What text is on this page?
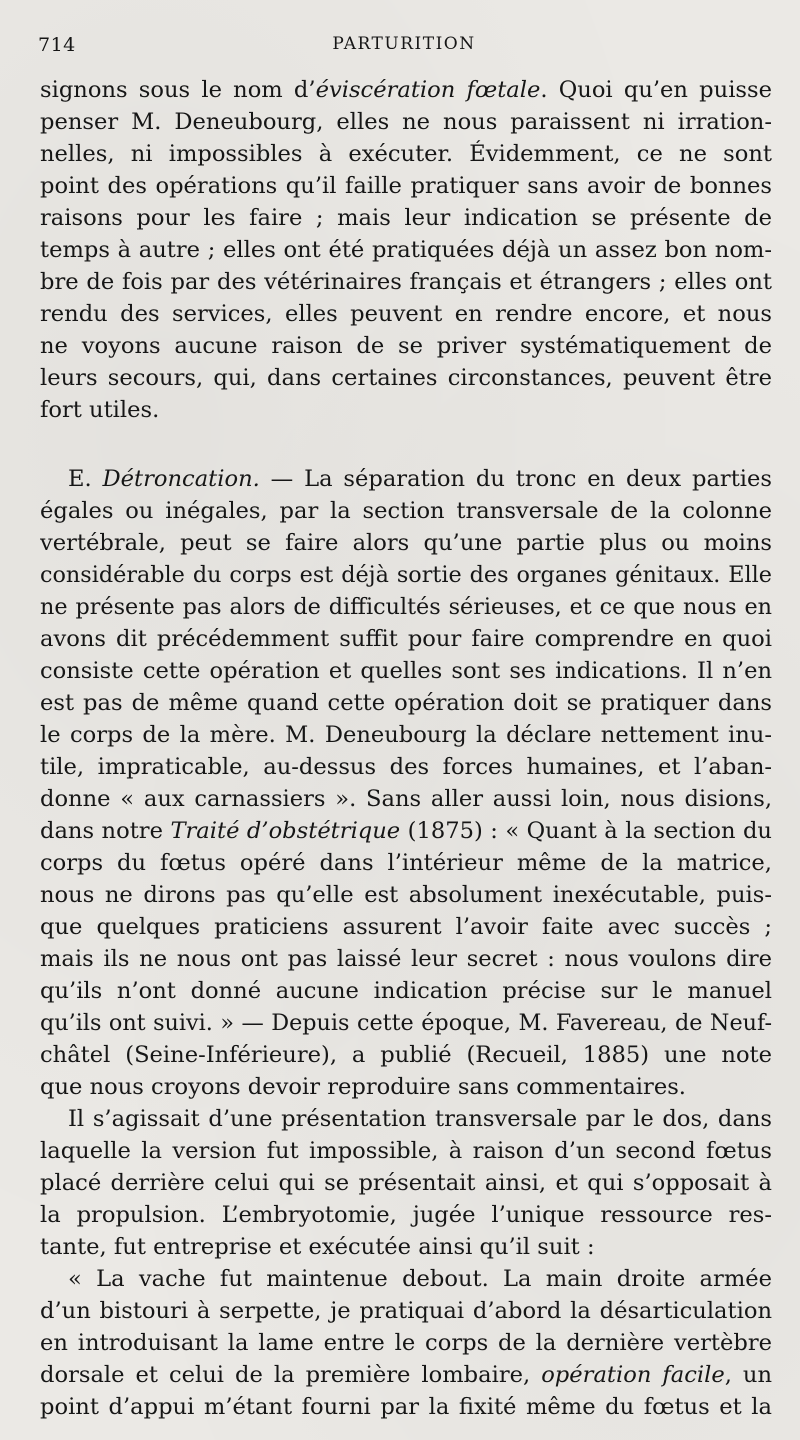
714	PARTURITION
signons sous le nom d’éviscération fœtale. Quoi qu’en puisse
penser M. Deneubourg, elles ne nous paraissent ni irration-
nelles, ni impossibles à exécuter. Évidemment, ce ne sont
point des opérations qu’il faille pratiquer sans avoir de bonnes
raisons pour les faire ; mais leur indication se présente de
temps à autre ; elles ont été pratiquées déjà un assez bon nom-
bre de fois par des vétérinaires français et étrangers ; elles ont
rendu des services, elles peuvent en rendre encore, et nous
ne voyons aucune raison de se priver systématiquement de
leurs secours, qui, dans certaines circonstances, peuvent être
fort utiles.
E. Détroncation. — La séparation du tronc en deux parties
égales ou inégales, par la section transversale de la colonne
vertébrale, peut se faire alors qu’une partie plus ou moins
considérable du corps est déjà sortie des organes génitaux. Elle
ne présente pas alors de difficultés sérieuses, et ce que nous en
avons dit précédemment suffit pour faire comprendre en quoi
consiste cette opération et quelles sont ses indications. Il n’en
est pas de même quand cette opération doit se pratiquer dans
le corps de la mère. M. Deneubourg la déclare nettement inu-
tile, impraticable, au-dessus des forces humaines, et l’aban-
donne « aux carnassiers ». Sans aller aussi loin, nous disions,
dans notre Traité d’obstétrique (1875) : « Quant à la section du
corps du fœtus opéré dans l’intérieur même de la matrice,
nous ne dirons pas qu’elle est absolument inexécutable, puis-
que quelques praticiens assurent l’avoir faite avec succès ;
mais ils ne nous ont pas laissé leur secret : nous voulons dire
qu’ils n’ont donné aucune indication précise sur le manuel
qu’ils ont suivi. » — Depuis cette époque, M. Favereau, de Neuf-
châtel (Seine-Inférieure), a publié (Recueil, 1885) une note
que nous croyons devoir reproduire sans commentaires.
Il s’agissait d’une présentation transversale par le dos, dans
laquelle la version fut impossible, à raison d’un second fœtus
placé derrière celui qui se présentait ainsi, et qui s’opposait à
la propulsion. L’embryotomie, jugée l’unique ressource res-
tante, fut entreprise et exécutée ainsi qu’il suit :
« La vache fut maintenue debout. La main droite armée
d’un bistouri à serpette, je pratiquai d’abord la désarticulation
en introduisant la lame entre le corps de la dernière vertèbre
dorsale et celui de la première lombaire, opération facile, un
point d’appui m’étant fourni par la fixité même du fœtus et la
